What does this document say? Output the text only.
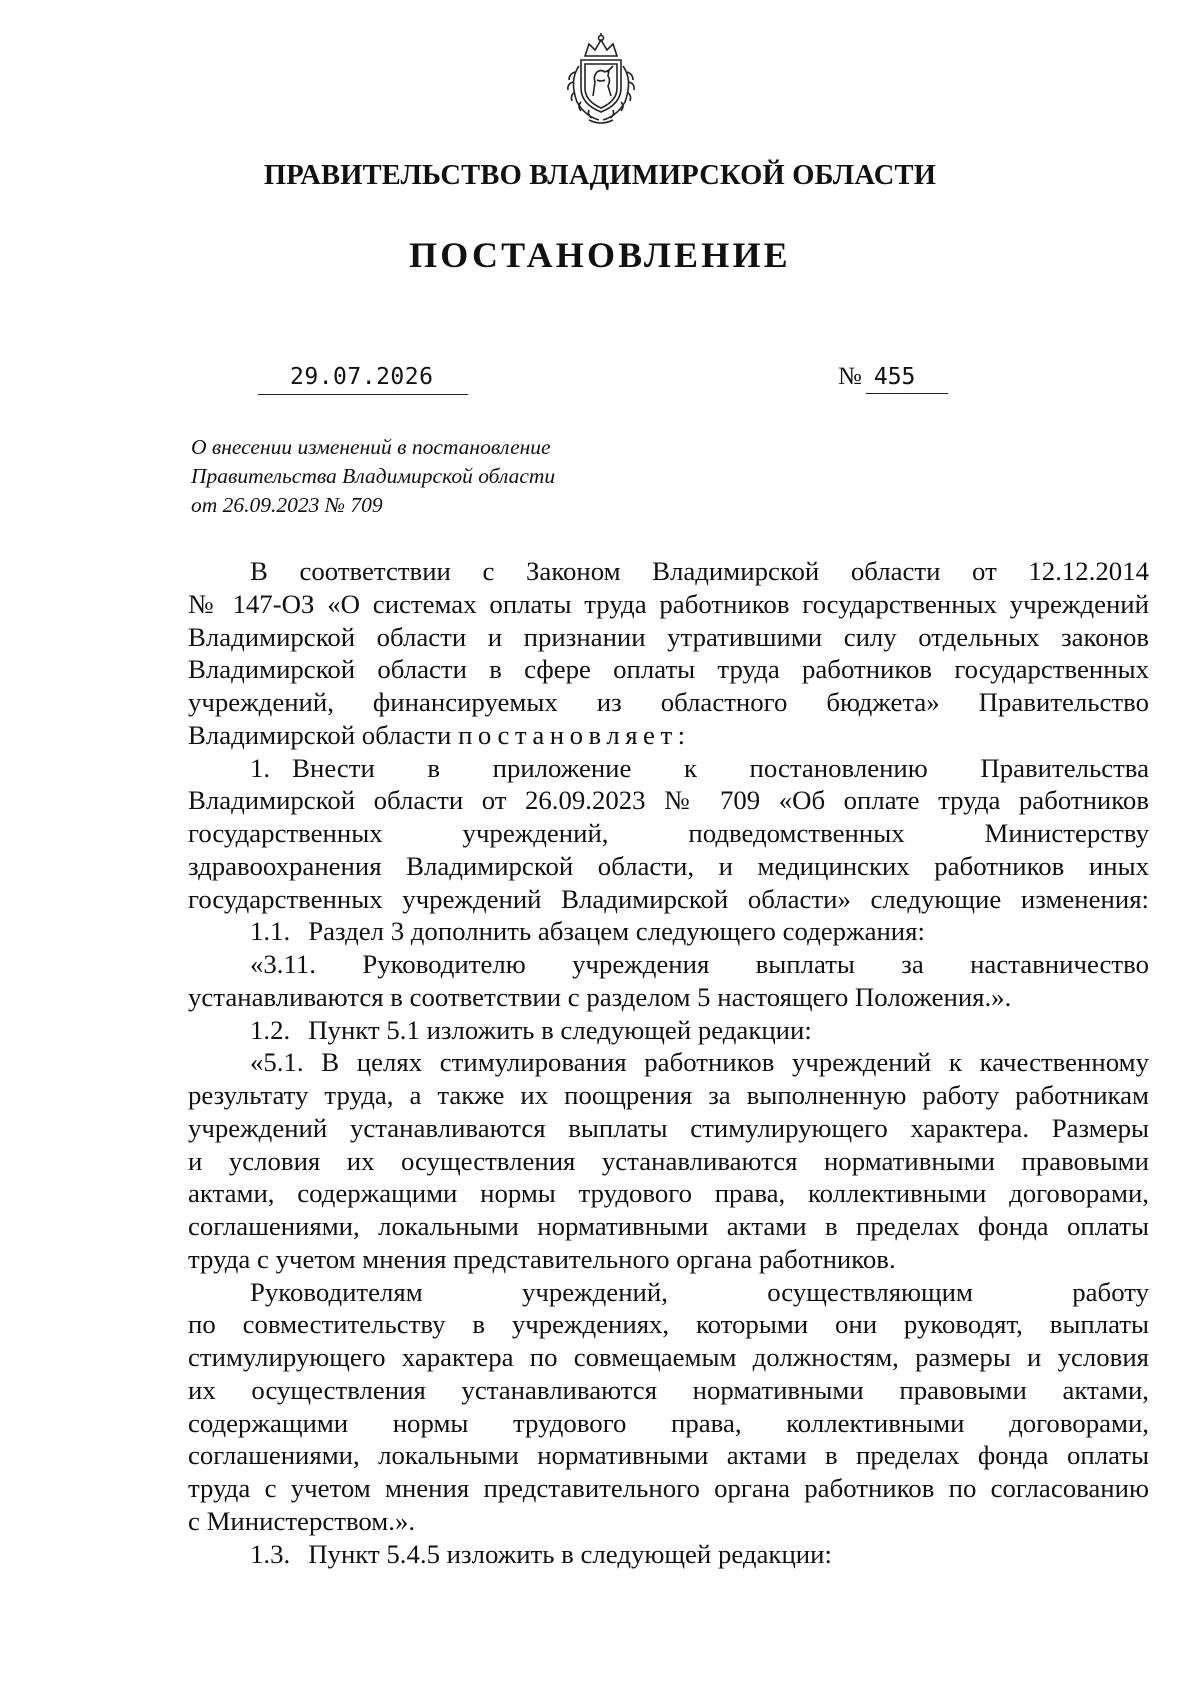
ПРАВИТЕЛЬСТВО ВЛАДИМИРСКОЙ ОБЛАСТИ
ПОСТАНОВЛЕНИЕ
29.07.2026	№ 455
О внесении изменений в постановление
Правительства Владимирской области
от 26.09.2023 № 709
В соответствии с Законом Владимирской области от 12.12.2014
№ 147-ОЗ «О системах оплаты труда работников государственных учреждений
Владимирской области и признании утратившими силу отдельных законов
Владимирской области в сфере оплаты труда работников государственных
учреждений, финансируемых из областного бюджета» Правительство
Владимирской области постановляет:
1. Внести в приложение к постановлению Правительства
Владимирской области от 26.09.2023 № 709 «Об оплате труда работников
государственных учреждений, подведомственных Министерству
здравоохранения Владимирской области, и медицинских работников иных
государственных учреждений Владимирской области» следующие изменения:
1.1. Раздел 3 дополнить абзацем следующего содержания:
«3.11. Руководителю учреждения выплаты за наставничество
устанавливаются в соответствии с разделом 5 настоящего Положения.».
1.2. Пункт 5.1 изложить в следующей редакции:
«5.1. В целях стимулирования работников учреждений к качественному
результату труда, а также их поощрения за выполненную работу работникам
учреждений устанавливаются выплаты стимулирующего характера. Размеры
и условия их осуществления устанавливаются нормативными правовыми
актами, содержащими нормы трудового права, коллективными договорами,
соглашениями, локальными нормативными актами в пределах фонда оплаты
труда с учетом мнения представительного органа работников.
Руководителям учреждений, осуществляющим работу
по совместительству в учреждениях, которыми они руководят, выплаты
стимулирующего характера по совмещаемым должностям, размеры и условия
их осуществления устанавливаются нормативными правовыми актами,
содержащими нормы трудового права, коллективными договорами,
соглашениями, локальными нормативными актами в пределах фонда оплаты
труда с учетом мнения представительного органа работников по согласованию
с Министерством.».
1.3. Пункт 5.4.5 изложить в следующей редакции:
